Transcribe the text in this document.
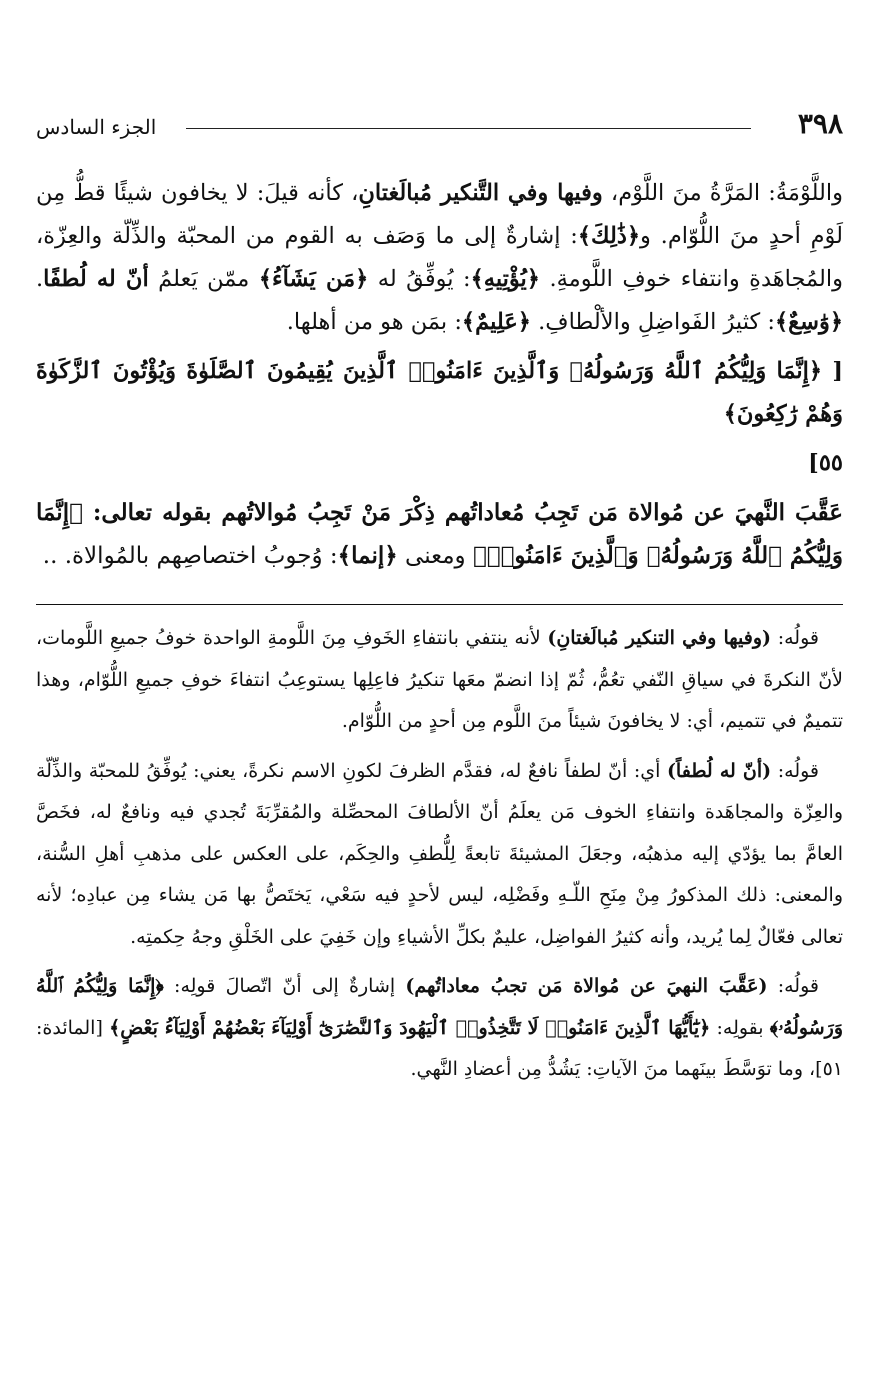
٣٩٨
الجزء السادس

واللَّوْمَةُ: المَرَّةُ منَ اللَّوْم، وفيها وفي التَّنكير مُبالَغتانِ، كأنه قيلَ: لا يخافون شيئًا قطُّ مِن لَوْمِ أحدٍ منَ اللُّوّام. و﴿ذَٰلِكَ﴾: إشارةٌ إلى ما وَصَف به القوم من المحبّة والذِّلّة والعِزّة، والمُجاهَدةِ وانتفاء خوفِ اللَّومةِ. ﴿يُؤْتِيهِ﴾: يُوفِّقُ له ﴿مَن يَشَآءُ﴾ ممّن يَعلمُ أنّ له لُطفًا. ﴿وَٰسِعٌ﴾: كثيرُ الفَواضِلِ والألْطافِ. ﴿عَلِيمٌ﴾: بمَن هو من أهلها.

[ ﴿إِنَّمَا وَلِيُّكُمُ ٱللَّهُ وَرَسُولُهُۥ وَٱلَّذِينَ ءَامَنُوا۟ ٱلَّذِينَ يُقِيمُونَ ٱلصَّلَوٰةَ وَيُؤْتُونَ ٱلزَّكَوٰةَ وَهُمْ رَٰكِعُونَ﴾

٥٥]

عَقَّبَ النَّهيَ عن مُوالاة مَن تَجِبُ مُعاداتُهم ذِكْرَ مَنْ تَجِبُ مُوالاتُهم بقوله تعالى: ﴿إِنَّمَا وَلِيُّكُمُ ٱللَّهُ وَرَسُولُهُۥ وَٱلَّذِينَ ءَامَنُوا۟﴾ ومعنى ﴿إنما﴾: وُجوبُ اختصاصِهم بالمُوالاة. ..

قولُه: (وفيها وفي التنكير مُبالَغتانِ) لأنه ينتفي بانتفاءِ الخَوفِ مِنَ اللَّومةِ الواحدة خوفُ جميعِ اللَّومات، لأنّ النكرةَ في سياقِ النّفي تعُمُّ، ثُمّ إذا انضمّ معَها تنكيرُ فاعِلِها يستوعِبُ انتفاءَ خوفِ جميعِ اللُّوّام، وهذا تتميمٌ في تتميم، أي: لا يخافونَ شيئاً منَ اللَّوم مِن أحدٍ من اللُّوّام.

قولُه: (أنّ له لُطفاً) أي: أنّ لطفاً نافعٌ له، فقدَّم الظرفَ لكونِ الاسم نكرةً، يعني: يُوفِّقُ للمحبّة والذِّلّة والعِزّة والمجاهَدة وانتفاءِ الخوف مَن يعلَمُ أنّ الألطافَ المحصِّلة والمُقرِّبَةَ تُجدي فيه ونافعٌ له، فخَصَّ العامَّ بما يؤدّي إليه مذهبُه، وجعَلَ المشيئةَ تابعةً لِلُّطفِ والحِكَم، على العكس على مذهبِ أهلِ السُّنة، والمعنى: ذلك المذكورُ مِنْ مِنَحِ اللّـهِ وفَضْلِه، ليس لأحدٍ فيه سَعْي، يَختَصُّ بها مَن يشاء مِن عبادِه؛ لأنه تعالى فعّالٌ لِما يُريد، وأنه كثيرُ الفواضِل، عليمٌ بكلِّ الأشياءِ وإن خَفِيَ على الخَلْقِ وجهُ حِكمتِه.

قولُه: (عَقَّبَ النهيَ عن مُوالاة مَن تجبُ معاداتُهم) إشارةٌ إلى أنّ اتّصالَ قولِه: ﴿إِنَّمَا وَلِيُّكُمُ ٱللَّهُ وَرَسُولُهُۥ﴾ بقولِه: ﴿يَٰٓأَيُّهَا ٱلَّذِينَ ءَامَنُوا۟ لَا تَتَّخِذُوا۟ ٱلْيَهُودَ وَٱلنَّصَٰرَىٰٓ أَوْلِيَآءَ بَعْضُهُمْ أَوْلِيَآءُ بَعْضٍ﴾ [المائدة: ٥١]، وما توَسَّطَ بينَهما منَ الآياتِ: يَشُدُّ مِن أعضادِ النَّهي.
